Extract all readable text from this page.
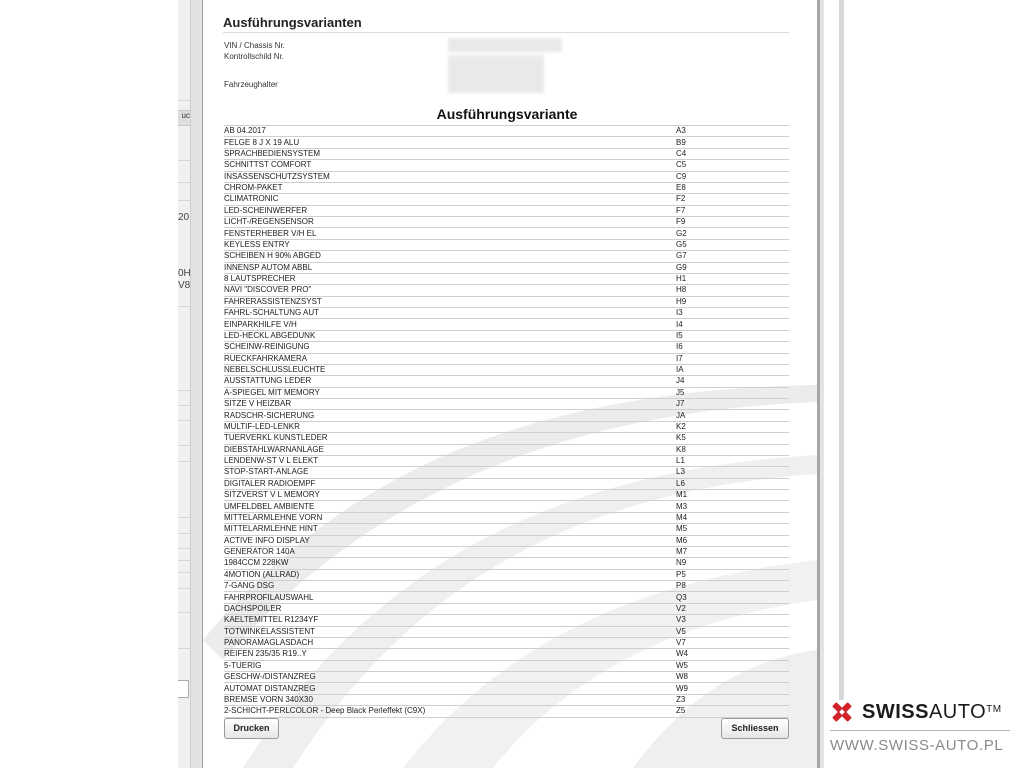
uc
20
0H
V8
Ausführungsvarianten
VIN / Chassis Nr.
Kontrollschild Nr.
Fahrzeughalter
Ausführungsvariante
AB 04.2017	A3
FELGE 8 J X 19 ALU	B9
SPRACHBEDIENSYSTEM	C4
SCHNITTST COMFORT	C5
INSASSENSCHUTZSYSTEM	C9
CHROM-PAKET	E8
CLIMATRONIC	F2
LED-SCHEINWERFER	F7
LICHT-/REGENSENSOR	F9
FENSTERHEBER V/H EL	G2
KEYLESS ENTRY	G5
SCHEIBEN H 90% ABGED	G7
INNENSP AUTOM ABBL	G9
8 LAUTSPRECHER	H1
NAVI "DISCOVER PRO"	H8
FAHRERASSISTENZSYST	H9
FAHRL-SCHALTUNG AUT	I3
EINPARKHILFE V/H	I4
LED-HECKL ABGEDUNK	I5
SCHEINW-REINIGUNG	I6
RUECKFAHRKAMERA	I7
NEBELSCHLUSSLEUCHTE	IA
AUSSTATTUNG LEDER	J4
A-SPIEGEL MIT MEMORY	J5
SITZE V HEIZBAR	J7
RADSCHR-SICHERUNG	JA
MULTIF-LED-LENKR	K2
TUERVERKL KUNSTLEDER	K5
DIEBSTAHLWARNANLAGE	K8
LENDENW-ST V L ELEKT	L1
STOP-START-ANLAGE	L3
DIGITALER RADIOEMPF	L6
SITZVERST V L MEMORY	M1
UMFELDBEL AMBIENTE	M3
MITTELARMLEHNE VORN	M4
MITTELARMLEHNE HINT	M5
ACTIVE INFO DISPLAY	M6
GENERATOR 140A	M7
1984CCM 228KW	N9
4MOTION (ALLRAD)	P5
7-GANG DSG	P8
FAHRPROFILAUSWAHL	Q3
DACHSPOILER	V2
KAELTEMITTEL R1234YF	V3
TOTWINKELASSISTENT	V5
PANORAMAGLASDACH	V7
REIFEN 235/35 R19..Y	W4
5-TUERIG	W5
GESCHW-/DISTANZREG	W8
AUTOMAT DISTANZREG	W9
BREMSE VORN 340X30	Z3
2-SCHICHT-PERLCOLOR - Deep Black Perleffekt (C9X)	Z5
Drucken	Schliessen
SWISSAUTO™
WWW.SWISS-AUTO.PL
